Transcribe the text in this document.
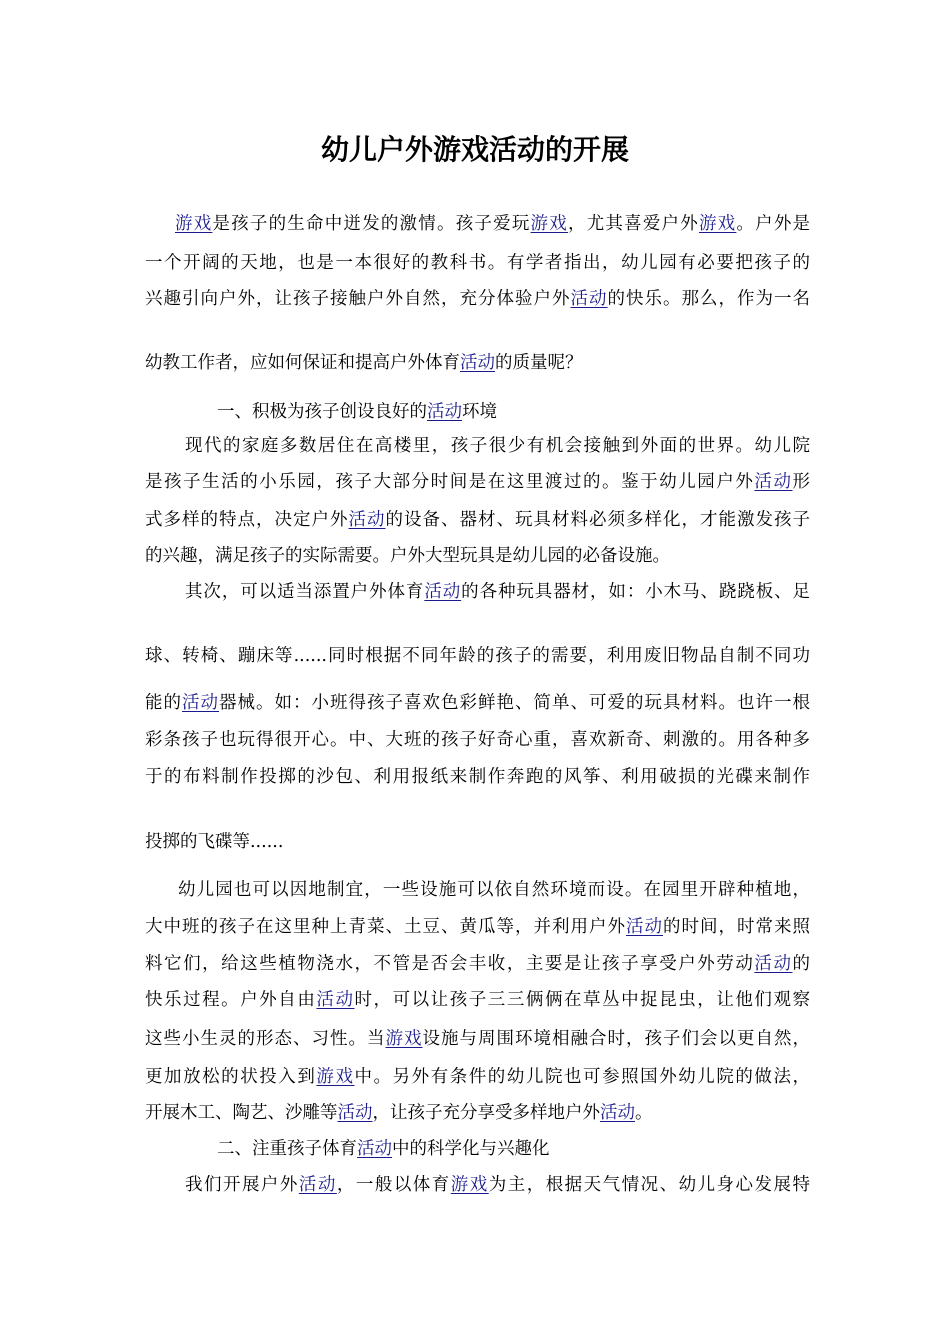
幼儿户外游戏活动的开展
游戏是孩子的生命中迸发的激情。孩子爱玩游戏，尤其喜爱户外游戏。户外是
一个开阔的天地，也是一本很好的教科书。有学者指出，幼儿园有必要把孩子的
兴趣引向户外，让孩子接触户外自然，充分体验户外活动的快乐。那么，作为一名
幼教工作者，应如何保证和提高户外体育活动的质量呢？
一、积极为孩子创设良好的活动环境
现代的家庭多数居住在高楼里，孩子很少有机会接触到外面的世界。幼儿院
是孩子生活的小乐园，孩子大部分时间是在这里渡过的。鉴于幼儿园户外活动形
式多样的特点，决定户外活动的设备、器材、玩具材料必须多样化，才能激发孩子
的兴趣，满足孩子的实际需要。户外大型玩具是幼儿园的必备设施。
其次，可以适当添置户外体育活动的各种玩具器材，如：小木马、跷跷板、足
球、转椅、蹦床等......同时根据不同年龄的孩子的需要，利用废旧物品自制不同功
能的活动器械。如：小班得孩子喜欢色彩鲜艳、简单、可爱的玩具材料。也许一根
彩条孩子也玩得很开心。中、大班的孩子好奇心重，喜欢新奇、刺激的。用各种多
于的布料制作投掷的沙包、利用报纸来制作奔跑的风筝、利用破损的光碟来制作
投掷的飞碟等......
幼儿园也可以因地制宜，一些设施可以依自然环境而设。在园里开辟种植地，
大中班的孩子在这里种上青菜、土豆、黄瓜等，并利用户外活动的时间，时常来照
料它们，给这些植物浇水，不管是否会丰收，主要是让孩子享受户外劳动活动的
快乐过程。户外自由活动时，可以让孩子三三俩俩在草丛中捉昆虫，让他们观察
这些小生灵的形态、习性。当游戏设施与周围环境相融合时，孩子们会以更自然，
更加放松的状投入到游戏中。另外有条件的幼儿院也可参照国外幼儿院的做法，
开展木工、陶艺、沙雕等活动，让孩子充分享受多样地户外活动。
二、注重孩子体育活动中的科学化与兴趣化
我们开展户外活动，一般以体育游戏为主，根据天气情况、幼儿身心发展特
